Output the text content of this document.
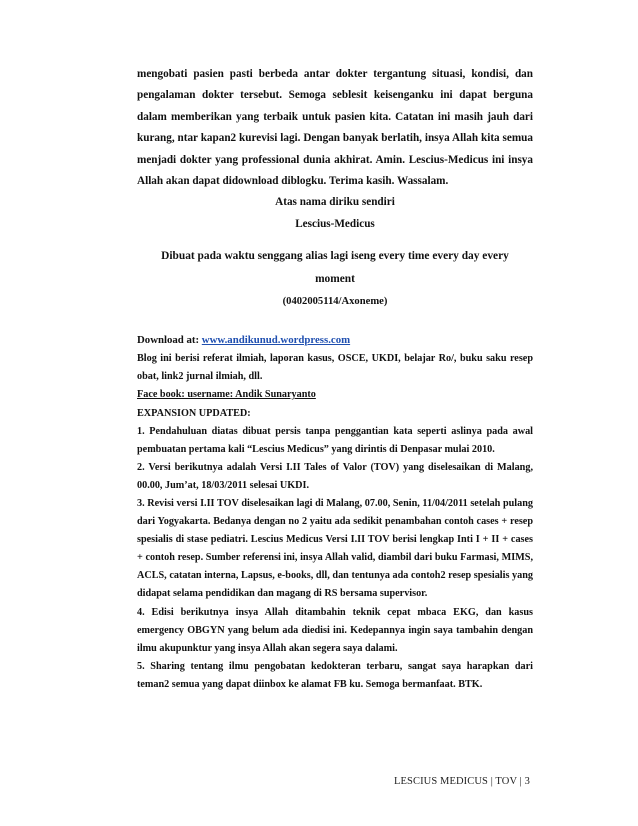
mengobati pasien pasti berbeda antar dokter tergantung situasi, kondisi, dan pengalaman dokter tersebut. Semoga seblesit keisenganku ini dapat berguna dalam memberikan yang terbaik untuk pasien kita. Catatan ini masih jauh dari kurang, ntar kapan2 kurevisi lagi. Dengan banyak berlatih, insya Allah kita semua menjadi dokter yang professional dunia akhirat. Amin. Lescius-Medicus ini insya Allah akan dapat didownload diblogku. Terima kasih. Wassalam.

Atas nama diriku sendiri

Lescius-Medicus

Dibuat pada waktu senggang alias lagi iseng every time every day every
moment

(0402005114/Axoneme)

Download at: www.andikunud.wordpress.com

Blog ini berisi referat ilmiah, laporan kasus, OSCE, UKDI, belajar Ro/, buku saku resep obat, link2 jurnal ilmiah, dll.

Face book: username: Andik Sunaryanto

EXPANSION UPDATED:

1. Pendahuluan diatas dibuat persis tanpa penggantian kata seperti aslinya pada awal pembuatan pertama kali “Lescius Medicus” yang dirintis di Denpasar mulai 2010.

2. Versi berikutnya adalah Versi I.II Tales of Valor (TOV) yang diselesaikan di Malang, 00.00, Jum’at, 18/03/2011 selesai UKDI.

3. Revisi versi I.II TOV diselesaikan lagi di Malang, 07.00, Senin, 11/04/2011 setelah pulang dari Yogyakarta. Bedanya dengan no 2 yaitu ada sedikit penambahan contoh cases + resep spesialis di stase pediatri. Lescius Medicus Versi I.II TOV berisi lengkap Inti I + II + cases + contoh resep. Sumber referensi ini, insya Allah valid, diambil dari buku Farmasi, MIMS, ACLS, catatan interna, Lapsus, e-books, dll, dan tentunya ada contoh2 resep spesialis yang didapat selama pendidikan dan magang di RS bersama supervisor.

4. Edisi berikutnya insya Allah ditambahin teknik cepat mbaca EKG, dan kasus emergency OBGYN yang belum ada diedisi ini. Kedepannya ingin saya tambahin dengan ilmu akupunktur yang insya Allah akan segera saya dalami.

5. Sharing tentang ilmu pengobatan kedokteran terbaru, sangat saya harapkan dari teman2 semua yang dapat diinbox ke alamat FB ku. Semoga bermanfaat. BTK.

LESCIUS MEDICUS | TOV | 3
